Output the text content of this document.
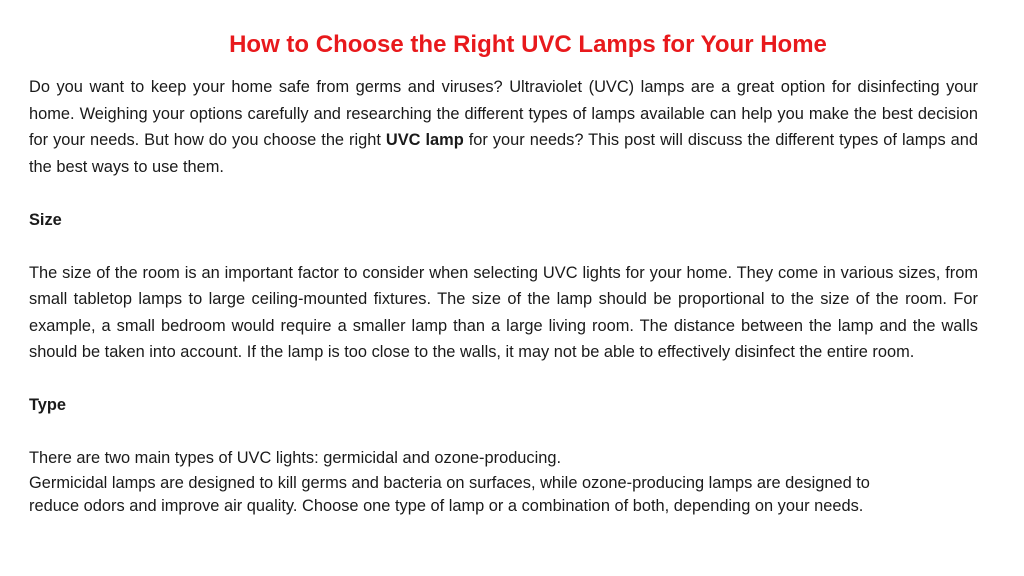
How to Choose the Right UVC Lamps for Your Home

Do you want to keep your home safe from germs and viruses? Ultraviolet (UVC) lamps are a great option for disinfecting your home. Weighing your options carefully and researching the different types of lamps available can help you make the best decision for your needs. But how do you choose the right UVC lamp for your needs? This post will discuss the different types of lamps and the best ways to use them.

Size

The size of the room is an important factor to consider when selecting UVC lights for your home. They come in various sizes, from small tabletop lamps to large ceiling-mounted fixtures. The size of the lamp should be proportional to the size of the room. For example, a small bedroom would require a smaller lamp than a large living room. The distance between the lamp and the walls should be taken into account. If the lamp is too close to the walls, it may not be able to effectively disinfect the entire room.

Type

There are two main types of UVC lights: germicidal and ozone-producing.

Germicidal lamps are designed to kill germs and bacteria on surfaces, while ozone-producing lamps are designed to

reduce odors and improve air quality. Choose one type of lamp or a combination of both, depending on your needs.
